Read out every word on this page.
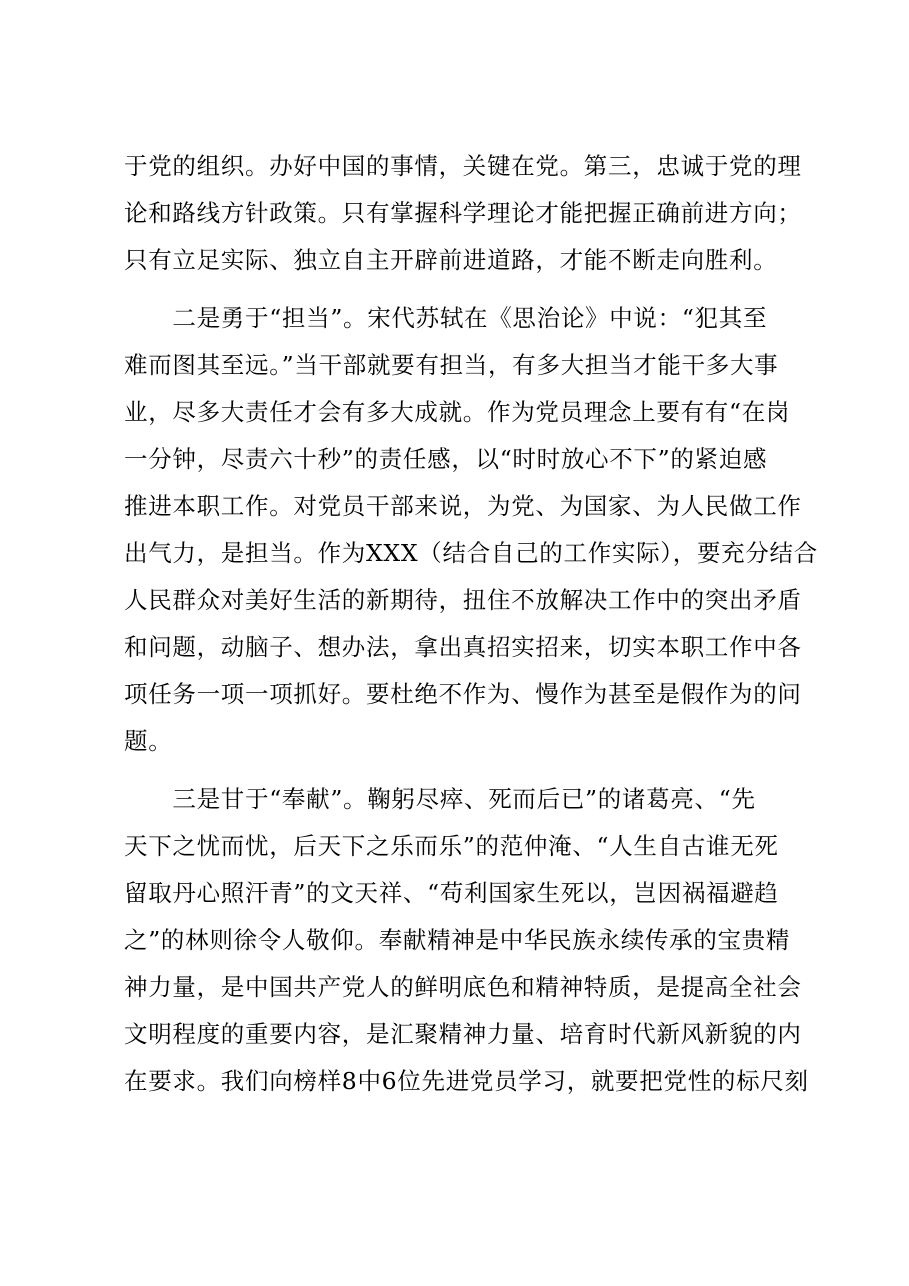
于党的组织。办好中国的事情，关键在党。第三，忠诚于党的理
论和路线方针政策。只有掌握科学理论才能把握正确前进方向；
只有立足实际、独立自主开辟前进道路，才能不断走向胜利。
　　二是勇于“担当”。宋代苏轼在《思治论》中说：“犯其至
难而图其至远。”当干部就要有担当，有多大担当才能干多大事
业，尽多大责任才会有多大成就。作为党员理念上要有有“在岗
一分钟，尽责六十秒”的责任感，以“时时放心不下”的紧迫感
推进本职工作。对党员干部来说，为党、为国家、为人民做工作
出气力，是担当。作为XXX（结合自己的工作实际），要充分结合
人民群众对美好生活的新期待，扭住不放解决工作中的突出矛盾
和问题，动脑子、想办法，拿出真招实招来，切实本职工作中各
项任务一项一项抓好。要杜绝不作为、慢作为甚至是假作为的问
题。
　　三是甘于“奉献”。鞠躬尽瘁、死而后已”的诸葛亮、“先
天下之忧而忧，后天下之乐而乐”的范仲淹、“人生自古谁无死
留取丹心照汗青”的文天祥、“苟利国家生死以，岂因祸福避趋
之”的林则徐令人敬仰。奉献精神是中华民族永续传承的宝贵精
神力量，是中国共产党人的鲜明底色和精神特质，是提高全社会
文明程度的重要内容，是汇聚精神力量、培育时代新风新貌的内
在要求。我们向榜样8中6位先进党员学习，就要把党性的标尺刻
